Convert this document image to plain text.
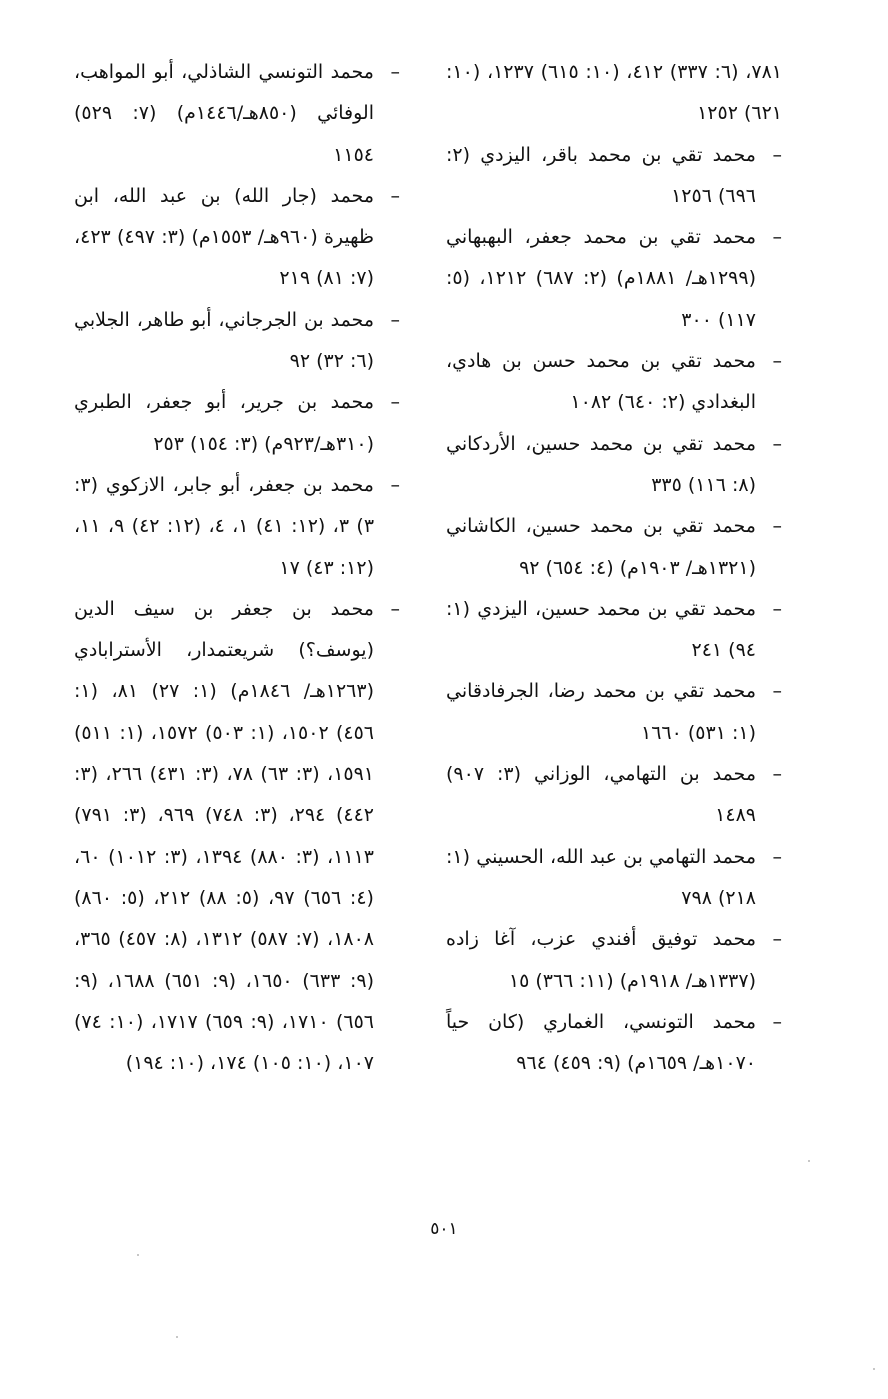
٧٨١، (٦: ٣٣٧) ٤١٢، (١٠: ٦١٥) ١٢٣٧، (١٠: ٦٢١) ١٢٥٢
–
محمد تقي بن محمد باقر، اليزدي (٢: ٦٩٦) ١٢٥٦
–
محمد تقي بن محمد جعفر، البهبهاني (١٢٩٩هـ/ ١٨٨١م) (٢: ٦٨٧) ١٢١٢، (٥: ١١٧) ٣٠٠
–
محمد تقي بن محمد حسن بن هادي، البغدادي (٢: ٦٤٠) ١٠٨٢
–
محمد تقي بن محمد حسين، الأردكاني (٨: ١١٦) ٣٣٥
–
محمد تقي بن محمد حسين، الكاشاني (١٣٢١هـ/ ١٩٠٣م) (٤: ٦٥٤) ٩٢
–
محمد تقي بن محمد حسين، اليزدي (١: ٩٤) ٢٤١
–
محمد تقي بن محمد رضا، الجرفادقاني (١: ٥٣١) ١٦٦٠
–
محمد بن التهامي، الوزاني (٣: ٩٠٧) ١٤٨٩
–
محمد التهامي بن عبد الله، الحسيني (١: ٢١٨) ٧٩٨
–
محمد توفيق أفندي عزب، آغا زاده (١٣٣٧هـ/ ١٩١٨م) (١١: ٣٦٦) ١٥
–
محمد التونسي، الغماري (كان حياً ١٠٧٠هـ/ ١٦٥٩م) (٩: ٤٥٩) ٩٦٤
–
محمد التونسي الشاذلي، أبو المواهب، الوفائي (٨٥٠هـ/١٤٤٦م) (٧: ٥٢٩) ١١٥٤
–
محمد (جار الله) بن عبد الله، ابن ظهيرة (٩٦٠هـ/ ١٥٥٣م) (٣: ٤٩٧) ٤٢٣، (٧: ٨١) ٢١٩
–
محمد بن الجرجاني، أبو طاهر، الجلابي (٦: ٣٢) ٩٢
–
محمد بن جرير، أبو جعفر، الطبري (٣١٠هـ/٩٢٣م) (٣: ١٥٤) ٢٥٣
–
محمد بن جعفر، أبو جابر، الازكوي (٣: ٣) ٣، (١٢: ٤١) ١، ٤، (١٢: ٤٢) ٩، ١١، (١٢: ٤٣) ١٧
–
محمد بن جعفر بن سيف الدين (يوسف؟) شريعتمدار، الأسترابادي (١٢٦٣هـ/ ١٨٤٦م) (١: ٢٧) ٨١، (١: ٤٥٦) ١٥٠٢، (١: ٥٠٣) ١٥٧٢، (١: ٥١١) ١٥٩١، (٣: ٦٣) ٧٨، (٣: ٤٣١) ٢٦٦، (٣: ٤٤٢) ٢٩٤، (٣: ٧٤٨) ٩٦٩، (٣: ٧٩١) ١١١٣، (٣: ٨٨٠) ١٣٩٤، (٣: ١٠١٢) ٦٠، (٤: ٦٥٦) ٩٧، (٥: ٨٨) ٢١٢، (٥: ٨٦٠) ١٨٠٨، (٧: ٥٨٧) ١٣١٢، (٨: ٤٥٧) ٣٦٥، (٩: ٦٣٣) ١٦٥٠، (٩: ٦٥١) ١٦٨٨، (٩: ٦٥٦) ١٧١٠، (٩: ٦٥٩) ١٧١٧، (١٠: ٧٤) ١٠٧، (١٠: ١٠٥) ١٧٤، (١٠: ١٩٤)
٥٠١
